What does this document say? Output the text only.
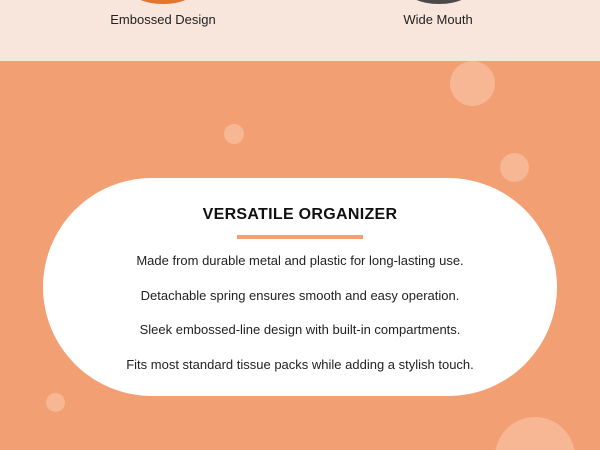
Embossed Design	Wide Mouth
VERSATILE ORGANIZER
Made from durable metal and plastic for long-lasting use.
Detachable spring ensures smooth and easy operation.
Sleek embossed-line design with built-in compartments.
Fits most standard tissue packs while adding a stylish touch.
